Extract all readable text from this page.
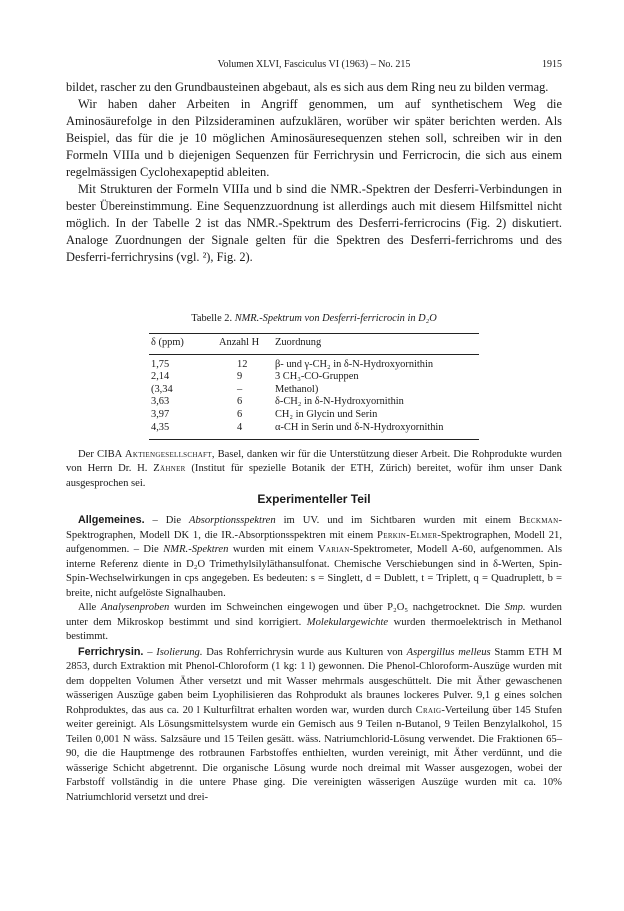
Volumen XLVI, Fasciculus VI (1963) – No. 215	1915

bildet, rascher zu den Grundbausteinen abgebaut, als es sich aus dem Ring neu zu bilden vermag.

Wir haben daher Arbeiten in Angriff genommen, um auf synthetischem Weg die Aminosäurefolge in den Pilzsideraminen aufzuklären, worüber wir später berichten werden. Als Beispiel, das für die je 10 möglichen Aminosäuresequenzen stehen soll, schreiben wir in den Formeln VIIIa und b diejenigen Sequenzen für Ferrichrysin und Ferricrocin, die sich aus einem regelmässigen Cyclohexapeptid ableiten.

Mit Strukturen der Formeln VIIIa und b sind die NMR.-Spektren der Desferri-Verbindungen in bester Übereinstimmung. Eine Sequenzzuordnung ist allerdings auch mit diesem Hilfsmittel nicht möglich. In der Tabelle 2 ist das NMR.-Spektrum des Desferri-ferricrocins (Fig. 2) diskutiert. Analoge Zuordnungen der Signale gelten für die Spektren des Desferri-ferrichroms und des Desferri-ferrichrysins (vgl. ²), Fig. 2).

Tabelle 2. NMR.-Spektrum von Desferri-ferricrocin in D₂O
δ (ppm)	Anzahl H	Zuordnung
1,75	12	β- und γ-CH₂ in δ-N-Hydroxyornithin
2,14	9	3 CH₃-CO-Gruppen
(3,34	–	Methanol)
3,63	6	δ-CH₂ in δ-N-Hydroxyornithin
3,97	6	CH₂ in Glycin und Serin
4,35	4	α-CH in Serin und δ-N-Hydroxyornithin

Der CIBA Aktiengesellschaft, Basel, danken wir für die Unterstützung dieser Arbeit. Die Rohprodukte wurden von Herrn Dr. H. Zähner (Institut für spezielle Botanik der ETH, Zürich) bereitet, wofür ihm unser Dank ausgesprochen sei.

Experimenteller Teil

Allgemeines. – Die Absorptionsspektren im UV. und im Sichtbaren wurden mit einem Beckman-Spektrographen, Modell DK 1, die IR.-Absorptionsspektren mit einem Perkin-Elmer-Spektrographen, Modell 21, aufgenommen. – Die NMR.-Spektren wurden mit einem Varian-Spektrometer, Modell A-60, aufgenommen. Als interne Referenz diente in D₂O Trimethylsilyläthansulfonat. Chemische Verschiebungen sind in δ-Werten, Spin-Spin-Wechselwirkungen in cps angegeben. Es bedeuten: s = Singlett, d = Dublett, t = Triplett, q = Quadruplett, b = breite, nicht aufgelöste Signalhauben.

Alle Analysenproben wurden im Schweinchen eingewogen und über P₂O₅ nachgetrocknet. Die Smp. wurden unter dem Mikroskop bestimmt und sind korrigiert. Molekulargewichte wurden thermoelektrisch in Methanol bestimmt.

Ferrichrysin. – Isolierung. Das Rohferrichrysin wurde aus Kulturen von Aspergillus melleus Stamm ETH M 2853, durch Extraktion mit Phenol-Chloroform (1 kg: 1 l) gewonnen. Die Phenol-Chloroform-Auszüge wurden mit dem doppelten Volumen Äther versetzt und mit Wasser mehrmals ausgeschüttelt. Die mit Äther gewaschenen wässerigen Auszüge gaben beim Lyophilisieren das Rohprodukt als braunes lockeres Pulver. 9,1 g eines solchen Rohproduktes, das aus ca. 20 l Kulturfiltrat erhalten worden war, wurden durch Craig-Verteilung über 145 Stufen weiter gereinigt. Als Lösungsmittelsystem wurde ein Gemisch aus 9 Teilen n-Butanol, 9 Teilen Benzylalkohol, 15 Teilen 0,001 N wäss. Salzsäure und 15 Teilen gesätt. wäss. Natriumchlorid-Lösung verwendet. Die Fraktionen 65–90, die die Hauptmenge des rotbraunen Farbstoffes enthielten, wurden vereinigt, mit Äther verdünnt, und die wässerige Schicht abgetrennt. Die organische Lösung wurde noch dreimal mit Wasser ausgezogen, wobei der Farbstoff vollständig in die untere Phase ging. Die vereinigten wässerigen Auszüge wurden mit ca. 10% Natriumchlorid versetzt und drei-
